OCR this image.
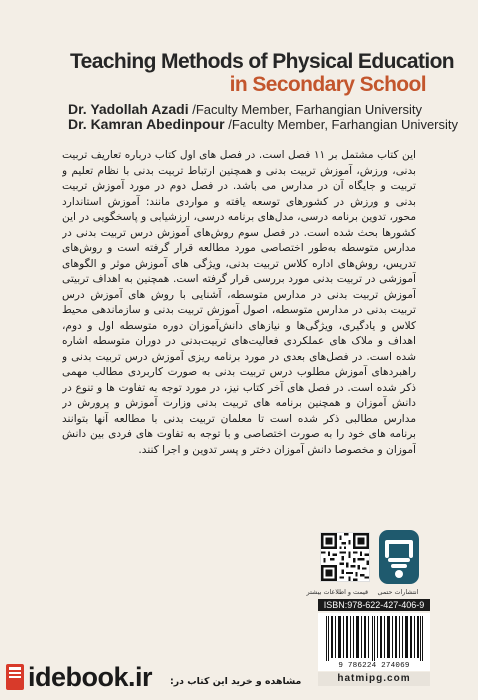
Teaching Methods of Physical Education
in Secondary School
Dr. Yadollah Azadi /Faculty Member, Farhangian University
Dr. Kamran Abedinpour /Faculty Member, Farhangian University
این کتاب مشتمل بر ۱۱ فصل است. در فصل های اول کتاب درباره تعاریف تربیت بدنی، ورزش، آموزش تربیت بدنی و همچنین ارتباط تربیت بدنی با نظام تعلیم و تربیت و جایگاه آن در مدارس می باشد. در فصل دوم در مورد آموزش تربیت بدنی و ورزش در کشورهای توسعه یافته و مواردی مانند: آموزش استاندارد محور، تدوین برنامه درسی، مدل‌های برنامه درسی، ارزشیابی و پاسخگویی در این کشورها بحث شده است. در فصل سوم روش‌های آموزش درس تربیت بدنی در مدارس متوسطه به‌طور اختصاصی مورد مطالعه قرار گرفته است و روش‌های تدریس، روش‌های اداره کلاس تربیت بدنی، ویژگی های آموزش موثر و الگوهای آموزشی در تربیت بدنی مورد بررسی قرار گرفته است. همچنین به اهداف تربیتی آموزش تربیت بدنی در مدارس متوسطه، آشنایی با روش های آموزش درس تربیت بدنی در مدارس متوسطه، اصول آموزش تربیت بدنی و سازماندهی محیط کلاس و یادگیری، ویژگی‌ها و نیازهای دانش‌آموزان دوره متوسطه اول و دوم، اهداف و ملاک های عملکردی فعالیت‌های تربیت‌بدنی در دوران متوسطه اشاره شده است. در فصل‌های بعدی در مورد برنامه ریزی آموزش درس تربیت بدنی و راهبردهای آموزش مطلوب درس تربیت بدنی به صورت کاربردی مطالب مهمی ذکر شده است. در فصل های آخر کتاب نیز، در مورد توجه به تفاوت ها و تنوع در دانش آموزان و همچنین برنامه های تربیت بدنی وزارت آموزش و پرورش در مدارس مطالبی ذکر شده است تا معلمان تربیت بدنی با مطالعه آنها بتوانند برنامه های خود را به صورت اختصاصی و با توجه به تفاوت های فردی بین دانش آموزان و مخصوصا دانش آموزان دختر و پسر تدوین و اجرا کنند.
انتشارات حتمی
قیمت و اطلاعات بیشتر
ISBN:978-622-427-406-9
9 786224 274069
hatmipg.com
idebook.ir مشاهده و خرید این کتاب در:
